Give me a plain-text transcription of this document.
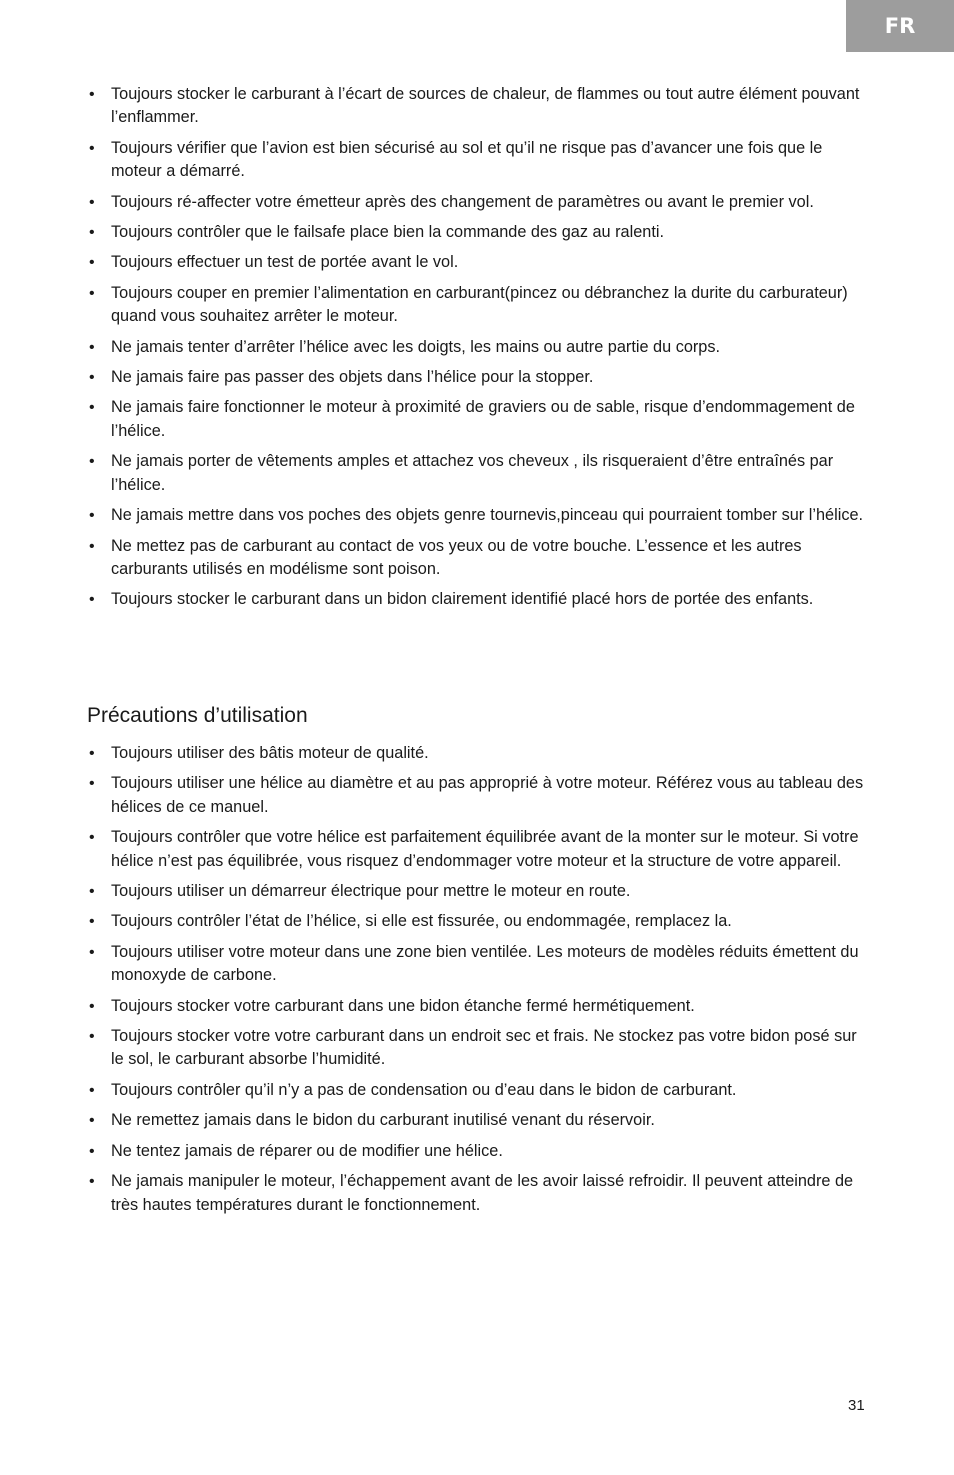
FR
• Toujours stocker le carburant à l’écart de sources de chaleur, de flammes ou tout autre élément pouvant l’enflammer.
• Toujours vérifier que l’avion est bien sécurisé au sol et qu’il ne risque pas d’avancer une fois que le moteur a démarré.
• Toujours ré-affecter votre émetteur après des changement de paramètres ou avant le premier vol.
• Toujours contrôler que le failsafe place bien la commande des gaz au ralenti.
• Toujours effectuer un test de portée avant le vol.
• Toujours couper en premier l’alimentation en carburant(pincez ou débranchez la durite du carburateur) quand vous souhaitez arrêter le moteur.
• Ne jamais tenter d’arrêter l’hélice avec les doigts, les mains ou autre partie du corps.
• Ne jamais faire pas passer des objets dans l’hélice pour la stopper.
• Ne jamais faire fonctionner le moteur à proximité de graviers ou de sable, risque d’endommagement de l’hélice.
• Ne jamais porter de vêtements amples et attachez vos cheveux , ils risqueraient d’être entraînés par l’hélice.
• Ne jamais mettre dans vos poches des objets genre tournevis,pinceau qui pourraient tomber sur l’hélice.
• Ne mettez pas de carburant au contact de vos yeux ou de votre bouche. L’essence et les autres carburants utilisés en modélisme sont poison.
• Toujours stocker le carburant dans un bidon clairement identifié placé hors de portée des enfants.
Précautions d’utilisation
• Toujours utiliser des bâtis moteur de qualité.
• Toujours utiliser une hélice au diamètre et au pas approprié à votre moteur. Référez vous au tableau des hélices de ce manuel.
• Toujours contrôler que votre hélice est parfaitement équilibrée avant de la monter sur le moteur. Si votre hélice n’est pas équilibrée, vous risquez d’endommager votre moteur et la structure de votre appareil.
• Toujours utiliser un démarreur électrique pour mettre le moteur en route.
• Toujours contrôler l’état de l’hélice, si elle est fissurée, ou endommagée, remplacez la.
• Toujours utiliser votre moteur dans une zone bien ventilée. Les moteurs de modèles réduits émettent du monoxyde de carbone.
• Toujours stocker votre carburant dans une bidon étanche fermé hermétiquement.
• Toujours stocker votre votre carburant dans un endroit sec et frais. Ne stockez pas votre bidon posé sur le sol, le carburant absorbe l’humidité.
• Toujours contrôler qu’il n’y a pas de condensation ou d’eau dans le bidon de carburant.
• Ne remettez jamais dans le bidon du carburant inutilisé venant du réservoir.
• Ne tentez jamais de réparer ou de modifier une hélice.
• Ne jamais manipuler le moteur, l’échappement avant de les avoir laissé refroidir. Il peuvent atteindre de très hautes températures durant le fonctionnement.
31
